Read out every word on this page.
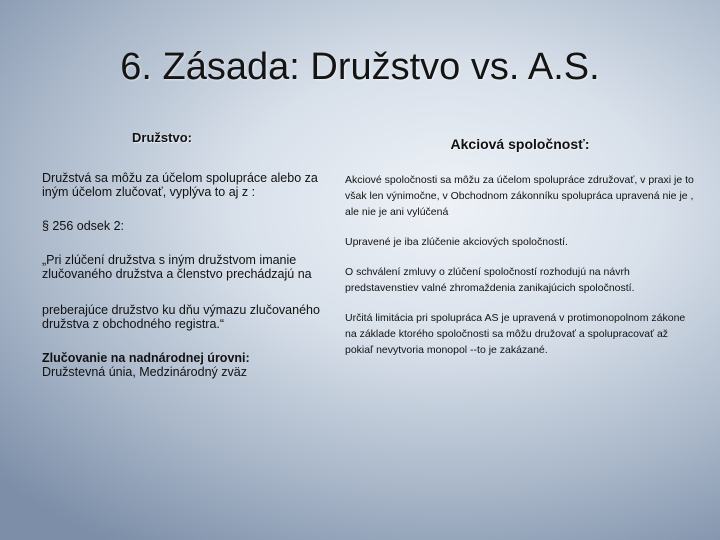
6. Zásada: Družstvo vs. A.S.
Družstvo:

Družstvá sa môžu za účelom spolupráce alebo za iným účelom zlučovať, vyplýva to aj z :

§ 256 odsek 2:

„Pri zlúčení družstva s iným družstvom imanie zlučovaného družstva a členstvo prechádzajú na

preberajúce družstvo ku dňu výmazu zlučovaného družstva z obchodného registra.“

Zlučovanie na nadnárodnej úrovni:

Družstevná únia, Medzinárodný zväz

Akciová spoločnosť:

Akciové spoločnosti sa môžu za účelom spolupráce združovať, v praxi je to však len výnimočne, v Obchodnom zákonníku spolupráca upravená nie je , ale nie je ani vylúčená

Upravené je iba zlúčenie akciových spoločností.

O schválení zmluvy o zlúčení spoločností rozhodujú na návrh predstavenstiev valné zhromaždenia zanikajúcich spoločností.

Určitá limitácia pri spolupráca AS je upravená v protimonopolnom zákone na základe ktorého spoločnosti sa môžu družovať a spolupracovať až pokiaľ nevytvoria monopol --to je zakázané.
